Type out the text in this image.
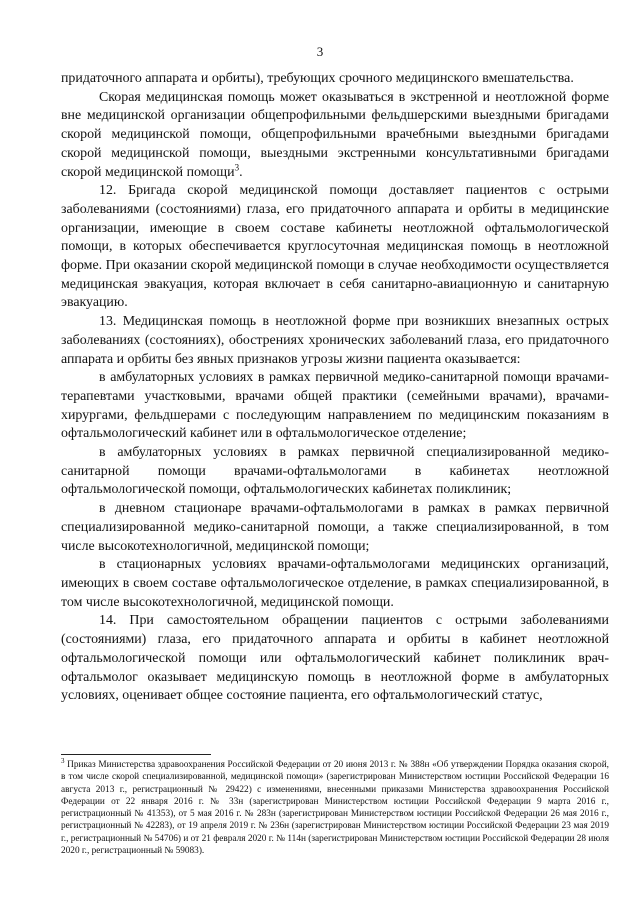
3

придаточного аппарата и орбиты), требующих срочного медицинского вмешательства.

Скорая медицинская помощь может оказываться в экстренной и неотложной форме вне медицинской организации общепрофильными фельдшерскими выездными бригадами скорой медицинской помощи, общепрофильными врачебными выездными бригадами скорой медицинской помощи, выездными экстренными консультативными бригадами скорой медицинской помощи$^3$.

12. Бригада скорой медицинской помощи доставляет пациентов с острыми заболеваниями (состояниями) глаза, его придаточного аппарата и орбиты в медицинские организации, имеющие в своем составе кабинеты неотложной офтальмологической помощи, в которых обеспечивается круглосуточная медицинская помощь в неотложной форме. При оказании скорой медицинской помощи в случае необходимости осуществляется медицинская эвакуация, которая включает в себя санитарно-авиационную и санитарную эвакуацию.

13. Медицинская помощь в неотложной форме при возникших внезапных острых заболеваниях (состояниях), обострениях хронических заболеваний глаза, его придаточного аппарата и орбиты без явных признаков угрозы жизни пациента оказывается:

в амбулаторных условиях в рамках первичной медико-санитарной помощи врачами-терапевтами участковыми, врачами общей практики (семейными врачами), врачами-хирургами, фельдшерами с последующим направлением по медицинским показаниям в офтальмологический кабинет или в офтальмологическое отделение;

в амбулаторных условиях в рамках первичной специализированной медико-санитарной помощи врачами-офтальмологами в кабинетах неотложной офтальмологической помощи, офтальмологических кабинетах поликлиник;

в дневном стационаре врачами-офтальмологами в рамках в рамках первичной специализированной медико-санитарной помощи, а также специализированной, в том числе высокотехнологичной, медицинской помощи;

в стационарных условиях врачами-офтальмологами медицинских организаций, имеющих в своем составе офтальмологическое отделение, в рамках специализированной, в том числе высокотехнологичной, медицинской помощи.

14. При самостоятельном обращении пациентов с острыми заболеваниями (состояниями) глаза, его придаточного аппарата и орбиты в кабинет неотложной офтальмологической помощи или офтальмологический кабинет поликлиник врач-офтальмолог оказывает медицинскую помощь в неотложной форме в амбулаторных условиях, оценивает общее состояние пациента, его офтальмологический статус,

$^3$ Приказ Министерства здравоохранения Российской Федерации от 20 июня 2013 г. № 388н «Об утверждении Порядка оказания скорой, в том числе скорой специализированной, медицинской помощи» (зарегистрирован Министерством юстиции Российской Федерации 16 августа 2013 г., регистрационный № 29422) с изменениями, внесенными приказами Министерства здравоохранения Российской Федерации от 22 января 2016 г. № 33н (зарегистрирован Министерством юстиции Российской Федерации 9 марта 2016 г., регистрационный № 41353), от 5 мая 2016 г. № 283н (зарегистрирован Министерством юстиции Российской Федерации 26 мая 2016 г., регистрационный № 42283), от 19 апреля 2019 г. № 236н (зарегистрирован Министерством юстиции Российской Федерации 23 мая 2019 г., регистрационный № 54706) и от 21 февраля 2020 г. № 114н (зарегистрирован Министерством юстиции Российской Федерации 28 июля 2020 г., регистрационный № 59083).
